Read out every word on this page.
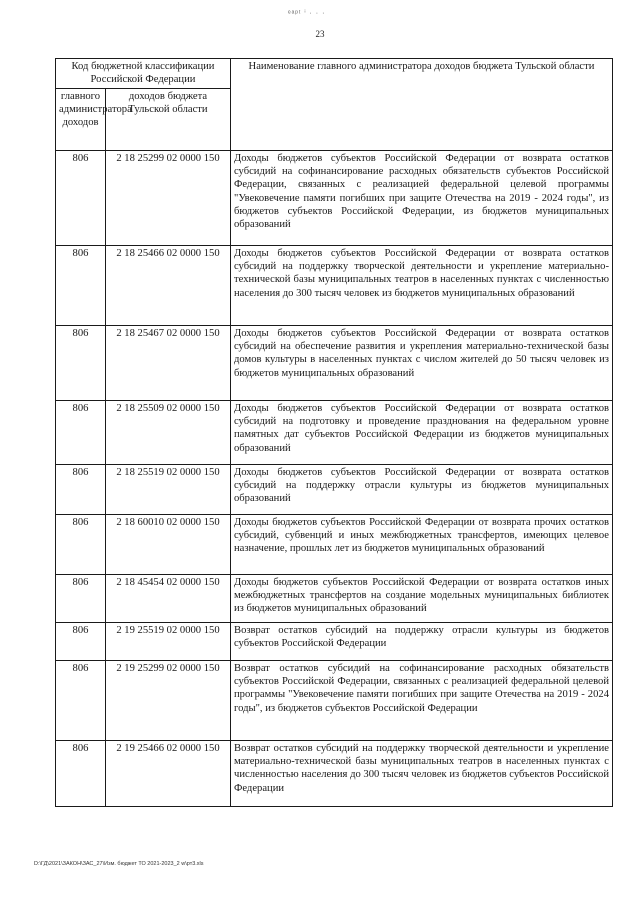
ᵉᵃᵖᵗ ⁱ · · ·
23
Код бюджетной классификации Российской Федерации		Наименование главного администратора доходов бюджета Тульской области
главного администратора доходов	доходов бюджета Тульской области	
806	2 18 25299 02 0000 150	Доходы бюджетов субъектов Российской Федерации от возврата остатков субсидий на софинансирование расходных обязательств субъектов Российской Федерации, связанных с реализацией федеральной целевой программы "Увековечение памяти погибших при защите Отечества на 2019 - 2024 годы", из бюджетов субъектов Российской Федерации, из бюджетов муниципальных образований

806	2 18 25466 02 0000 150	Доходы бюджетов субъектов Российской Федерации от возврата остатков субсидий на поддержку творческой деятельности и укрепление материально-технической базы муниципальных театров в населенных пунктах с численностью населения до 300 тысяч человек из бюджетов муниципальных образований

806	2 18 25467 02 0000 150	Доходы бюджетов субъектов Российской Федерации от возврата остатков субсидий на обеспечение развития и укрепления материально-технической базы домов культуры в населенных пунктах с числом жителей до 50 тысяч человек из бюджетов муниципальных образований

806	2 18 25509 02 0000 150	Доходы бюджетов субъектов Российской Федерации от возврата остатков субсидий на подготовку и проведение празднования на федеральном уровне памятных дат субъектов Российской Федерации из бюджетов муниципальных образований

806	2 18 25519 02 0000 150	Доходы бюджетов субъектов Российской Федерации от возврата остатков субсидий на поддержку отрасли культуры из бюджетов муниципальных образований

806	2 18 60010 02 0000 150	Доходы бюджетов субъектов Российской Федерации от возврата прочих остатков субсидий, субвенций и иных межбюджетных трансфертов, имеющих целевое назначение, прошлых лет из бюджетов муниципальных образований

806	2 18 45454 02 0000 150	Доходы бюджетов субъектов Российской Федерации от возврата остатков иных межбюджетных трансфертов на создание модельных муниципальных библиотек из бюджетов муниципальных образований

806	2 19 25519 02 0000 150	Возврат остатков субсидий на поддержку отрасли культуры из бюджетов субъектов Российской Федерации

806	2 19 25299 02 0000 150	Возврат остатков субсидий на софинансирование расходных обязательств субъектов Российской Федерации, связанных с реализацией федеральной целевой программы "Увековечение памяти погибших при защите Отечества на 2019 - 2024 годы", из бюджетов субъектов Российской Федерации

806	2 19 25466 02 0000 150	Возврат остатков субсидий на поддержку творческой деятельности и укрепление материально-технической базы муниципальных театров в населенных пунктах с численностью населения до 300 тысяч человек из бюджетов субъектов Российской Федерации
D:\ГД\2021\ЗАКОН\ЗАС_27\Изм. бюджет ТО 2021-2023_2 w\рт3.xls
